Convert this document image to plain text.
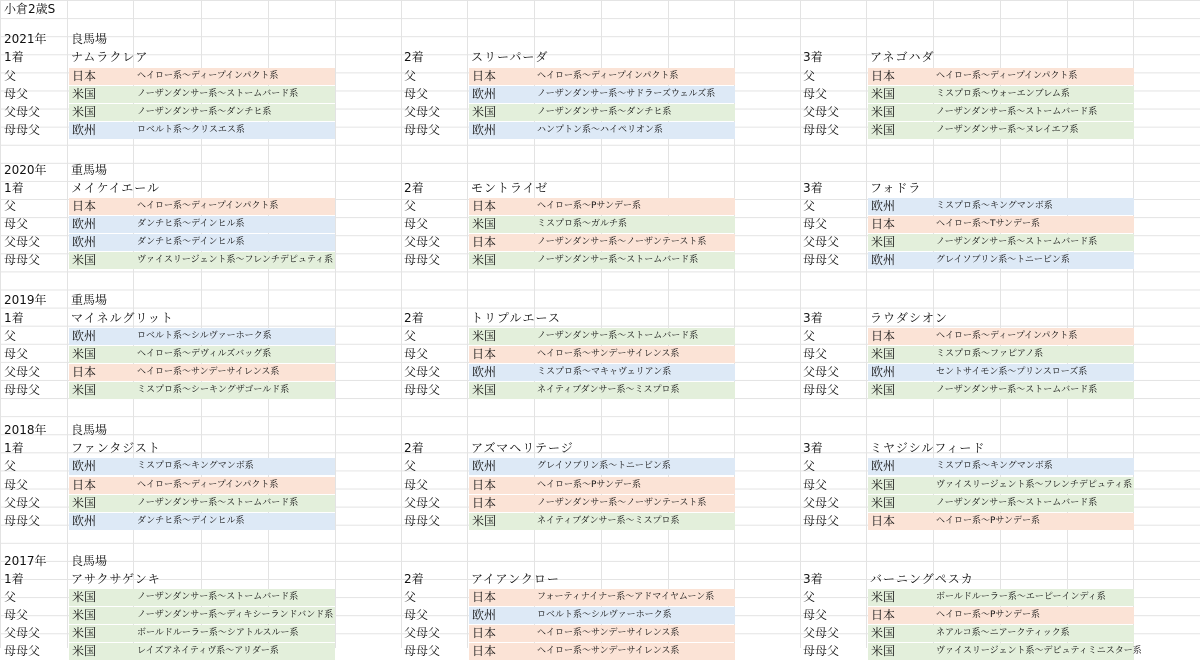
小倉2歳S
2021年 良馬場
1着	ナムラクレア
父	日本	ヘイロー系〜ディープインパクト系
母父	米国	ノーザンダンサー系〜ストームバード系
父母父	米国	ノーザンダンサー系〜ダンチヒ系
母母父	欧州	ロベルト系〜クリスエス系
2着	スリーパーダ
父	日本	ヘイロー系〜ディープインパクト系
母父	欧州	ノーザンダンサー系〜サドラーズウェルズ系
父母父	米国	ノーザンダンサー系〜ダンチヒ系
母母父	欧州	ハンプトン系〜ハイペリオン系
3着	アネゴハダ
父	日本	ヘイロー系〜ディープインパクト系
母父	米国	ミスプロ系〜ウォーエンブレム系
父母父	米国	ノーザンダンサー系〜ストームバード系
母母父	米国	ノーザンダンサー系〜ヌレイエフ系
2020年 重馬場
1着	メイケイエール
父	日本	ヘイロー系〜ディープインパクト系
母父	欧州	ダンチヒ系〜デインヒル系
父母父	欧州	ダンチヒ系〜デインヒル系
母母父	米国	ヴァイスリージェント系〜フレンチデピュティ系
2着	モントライゼ
父	日本	ヘイロー系〜Pサンデー系
母父	米国	ミスプロ系〜ガルチ系
父母父	日本	ノーザンダンサー系〜ノーザンテースト系
母母父	米国	ノーザンダンサー系〜ストームバード系
3着	フォドラ
父	欧州	ミスプロ系〜キングマンボ系
母父	日本	ヘイロー系〜Tサンデー系
父母父	米国	ノーザンダンサー系〜ストームバード系
母母父	欧州	グレイソブリン系〜トニービン系
2019年 重馬場
1着	マイネルグリット
父	欧州	ロベルト系〜シルヴァーホーク系
母父	米国	ヘイロー系〜デヴィルズバッグ系
父母父	日本	ヘイロー系〜サンデーサイレンス系
母母父	米国	ミスプロ系〜シーキングザゴールド系
2着	トリプルエース
父	米国	ノーザンダンサー系〜ストームバード系
母父	日本	ヘイロー系〜サンデーサイレンス系
父母父	欧州	ミスプロ系〜マキャヴェリアン系
母母父	米国	ネイティブダンサー系〜ミスプロ系
3着	ラウダシオン
父	日本	ヘイロー系〜ディープインパクト系
母父	米国	ミスプロ系〜ファピアノ系
父母父	欧州	セントサイモン系〜プリンスローズ系
母母父	米国	ノーザンダンサー系〜ストームバード系
2018年 良馬場
1着	ファンタジスト
父	欧州	ミスプロ系〜キングマンボ系
母父	日本	ヘイロー系〜ディープインパクト系
父母父	米国	ノーザンダンサー系〜ストームバード系
母母父	欧州	ダンチヒ系〜デインヒル系
2着	アズマヘリテージ
父	欧州	グレイソブリン系〜トニービン系
母父	日本	ヘイロー系〜Pサンデー系
父母父	日本	ノーザンダンサー系〜ノーザンテースト系
母母父	米国	ネイティブダンサー系〜ミスプロ系
3着	ミヤジシルフィード
父	欧州	ミスプロ系〜キングマンボ系
母父	米国	ヴァイスリージェント系〜フレンチデピュティ系
父母父	米国	ノーザンダンサー系〜ストームバード系
母母父	日本	ヘイロー系〜Pサンデー系
2017年 良馬場
1着	アサクサゲンキ
父	米国	ノーザンダンサー系〜ストームバード系
母父	米国	ノーザンダンサー系〜ディキシーランドバンド系
父母父	米国	ボールドルーラー系〜シアトルスルー系
母母父	米国	レイズアネイティヴ系〜アリダー系
2着	アイアンクロー
父	日本	フォーティナイナー系〜アドマイヤムーン系
母父	欧州	ロベルト系〜シルヴァーホーク系
父母父	日本	ヘイロー系〜サンデーサイレンス系
母母父	日本	ヘイロー系〜サンデーサイレンス系
3着	バーニングペスカ
父	米国	ボールドルーラー系〜エーピーインディ系
母父	日本	ヘイロー系〜Pサンデー系
父母父	米国	ネアルコ系〜ニアークティック系
母母父	米国	ヴァイスリージェント系〜デピュティミニスター系
